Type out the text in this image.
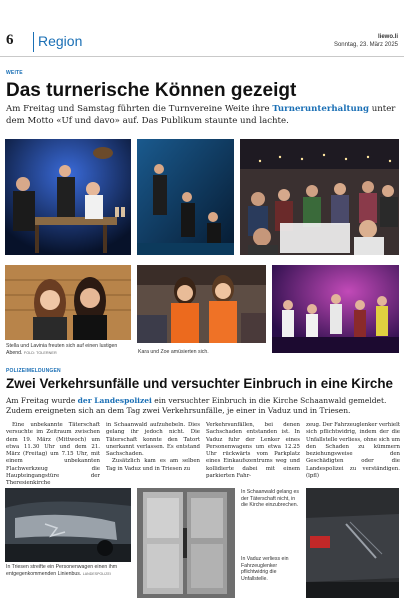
6 Region	liewo.li
Sonntag, 23. März 2025
WEITE
Das turnerische Können gezeigt

Am Freitag und Samstag führten die Turnvereine Weite ihre Turnerunterhaltung unter dem Motto «Uf und davo» auf. Das Publikum staunte und lachte.

Stella und Lavinia freuten sich auf einen lustigen Abend. FOLD: TOLERNER	Kara und Zoe amüsierten sich.
POLIZEIMELDUNGEN
Zwei Verkehrsunfälle und versuchter Einbruch in eine Kirche

Am Freitag wurde der Landespolizei ein versuchter Einbruch in die Kirche Schaanwald gemeldet. Zudem ereigneten sich an dem Tag zwei Verkehrsunfälle, je einer in Vaduz und in Triesen.

Eine unbekannte Täterschaft versuchte im Zeitraum zwischen dem 19. März (Mittwoch) um etwa 11.30 Uhr und dem 21. März (Freitag) um 7.15 Uhr, mit einem unbekannten Flachwerkzeug die Haupteingangstüre der Theresienkirche

in Schaanwald aufzuhebeln. Dies gelang ihr jedoch nicht. Die Täterschaft konnte den Tatort unerkannt verlassen. Es entstand Sachschaden.

Zusätzlich kam es am selben Tag in Vaduz und in Triesen zu

Verkehrsunfällen, bei denen Sachschaden entstanden ist. In Vaduz fuhr der Lenker eines Personenwagens um etwa 12.25 Uhr rückwärts vom Parkplatz eines Einkaufszentrums weg und kollidierte dabei mit einem parkierten Fahr-

zeug. Der Fahrzeuglenker verhielt sich pflichtwidrig, indem der die Unfallstelle verliess, ohne sich um den Schaden zu kümmern beziehungsweise den Geschädigten oder die Landespolizei zu verständigen. (lpfl)

In Triesen streifte ein Personenwagen einen ihm entgegenkommenden Linienbus. LANDESPOLIZEI
In Schaanwald gelang es der Täterschaft nicht, in die Kirche einzubrechen.
In Vaduz verliess ein Fahrzeuglenker pflichtwidrig die Unfallstelle.
